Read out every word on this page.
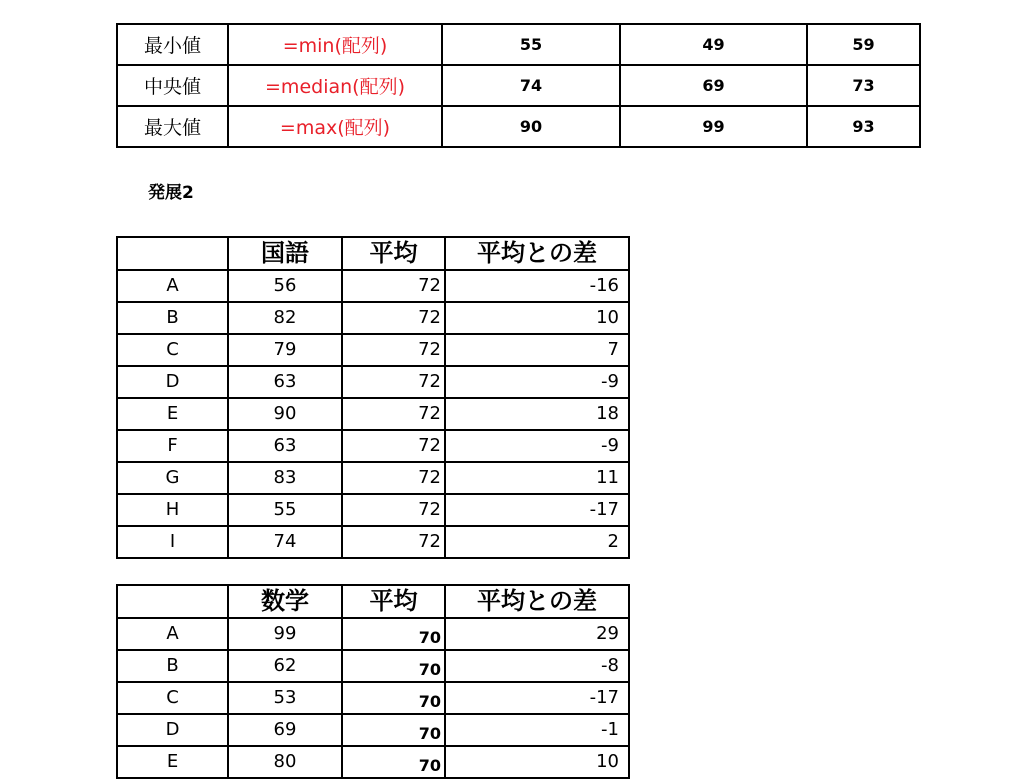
最小値	=min(配列)	55	49	59
中央値	=median(配列)	74	69	73
最大値	=max(配列)	90	99	93
発展2
	国語	平均	平均との差
A	56	72	-16
B	82	72	10
C	79	72	7
D	63	72	-9
E	90	72	18
F	63	72	-9
G	83	72	11
H	55	72	-17
I	74	72	2
	数学	平均	平均との差
A	99	70	29
B	62	70	-8
C	53	70	-17
D	69	70	-1
E	80	70	10
